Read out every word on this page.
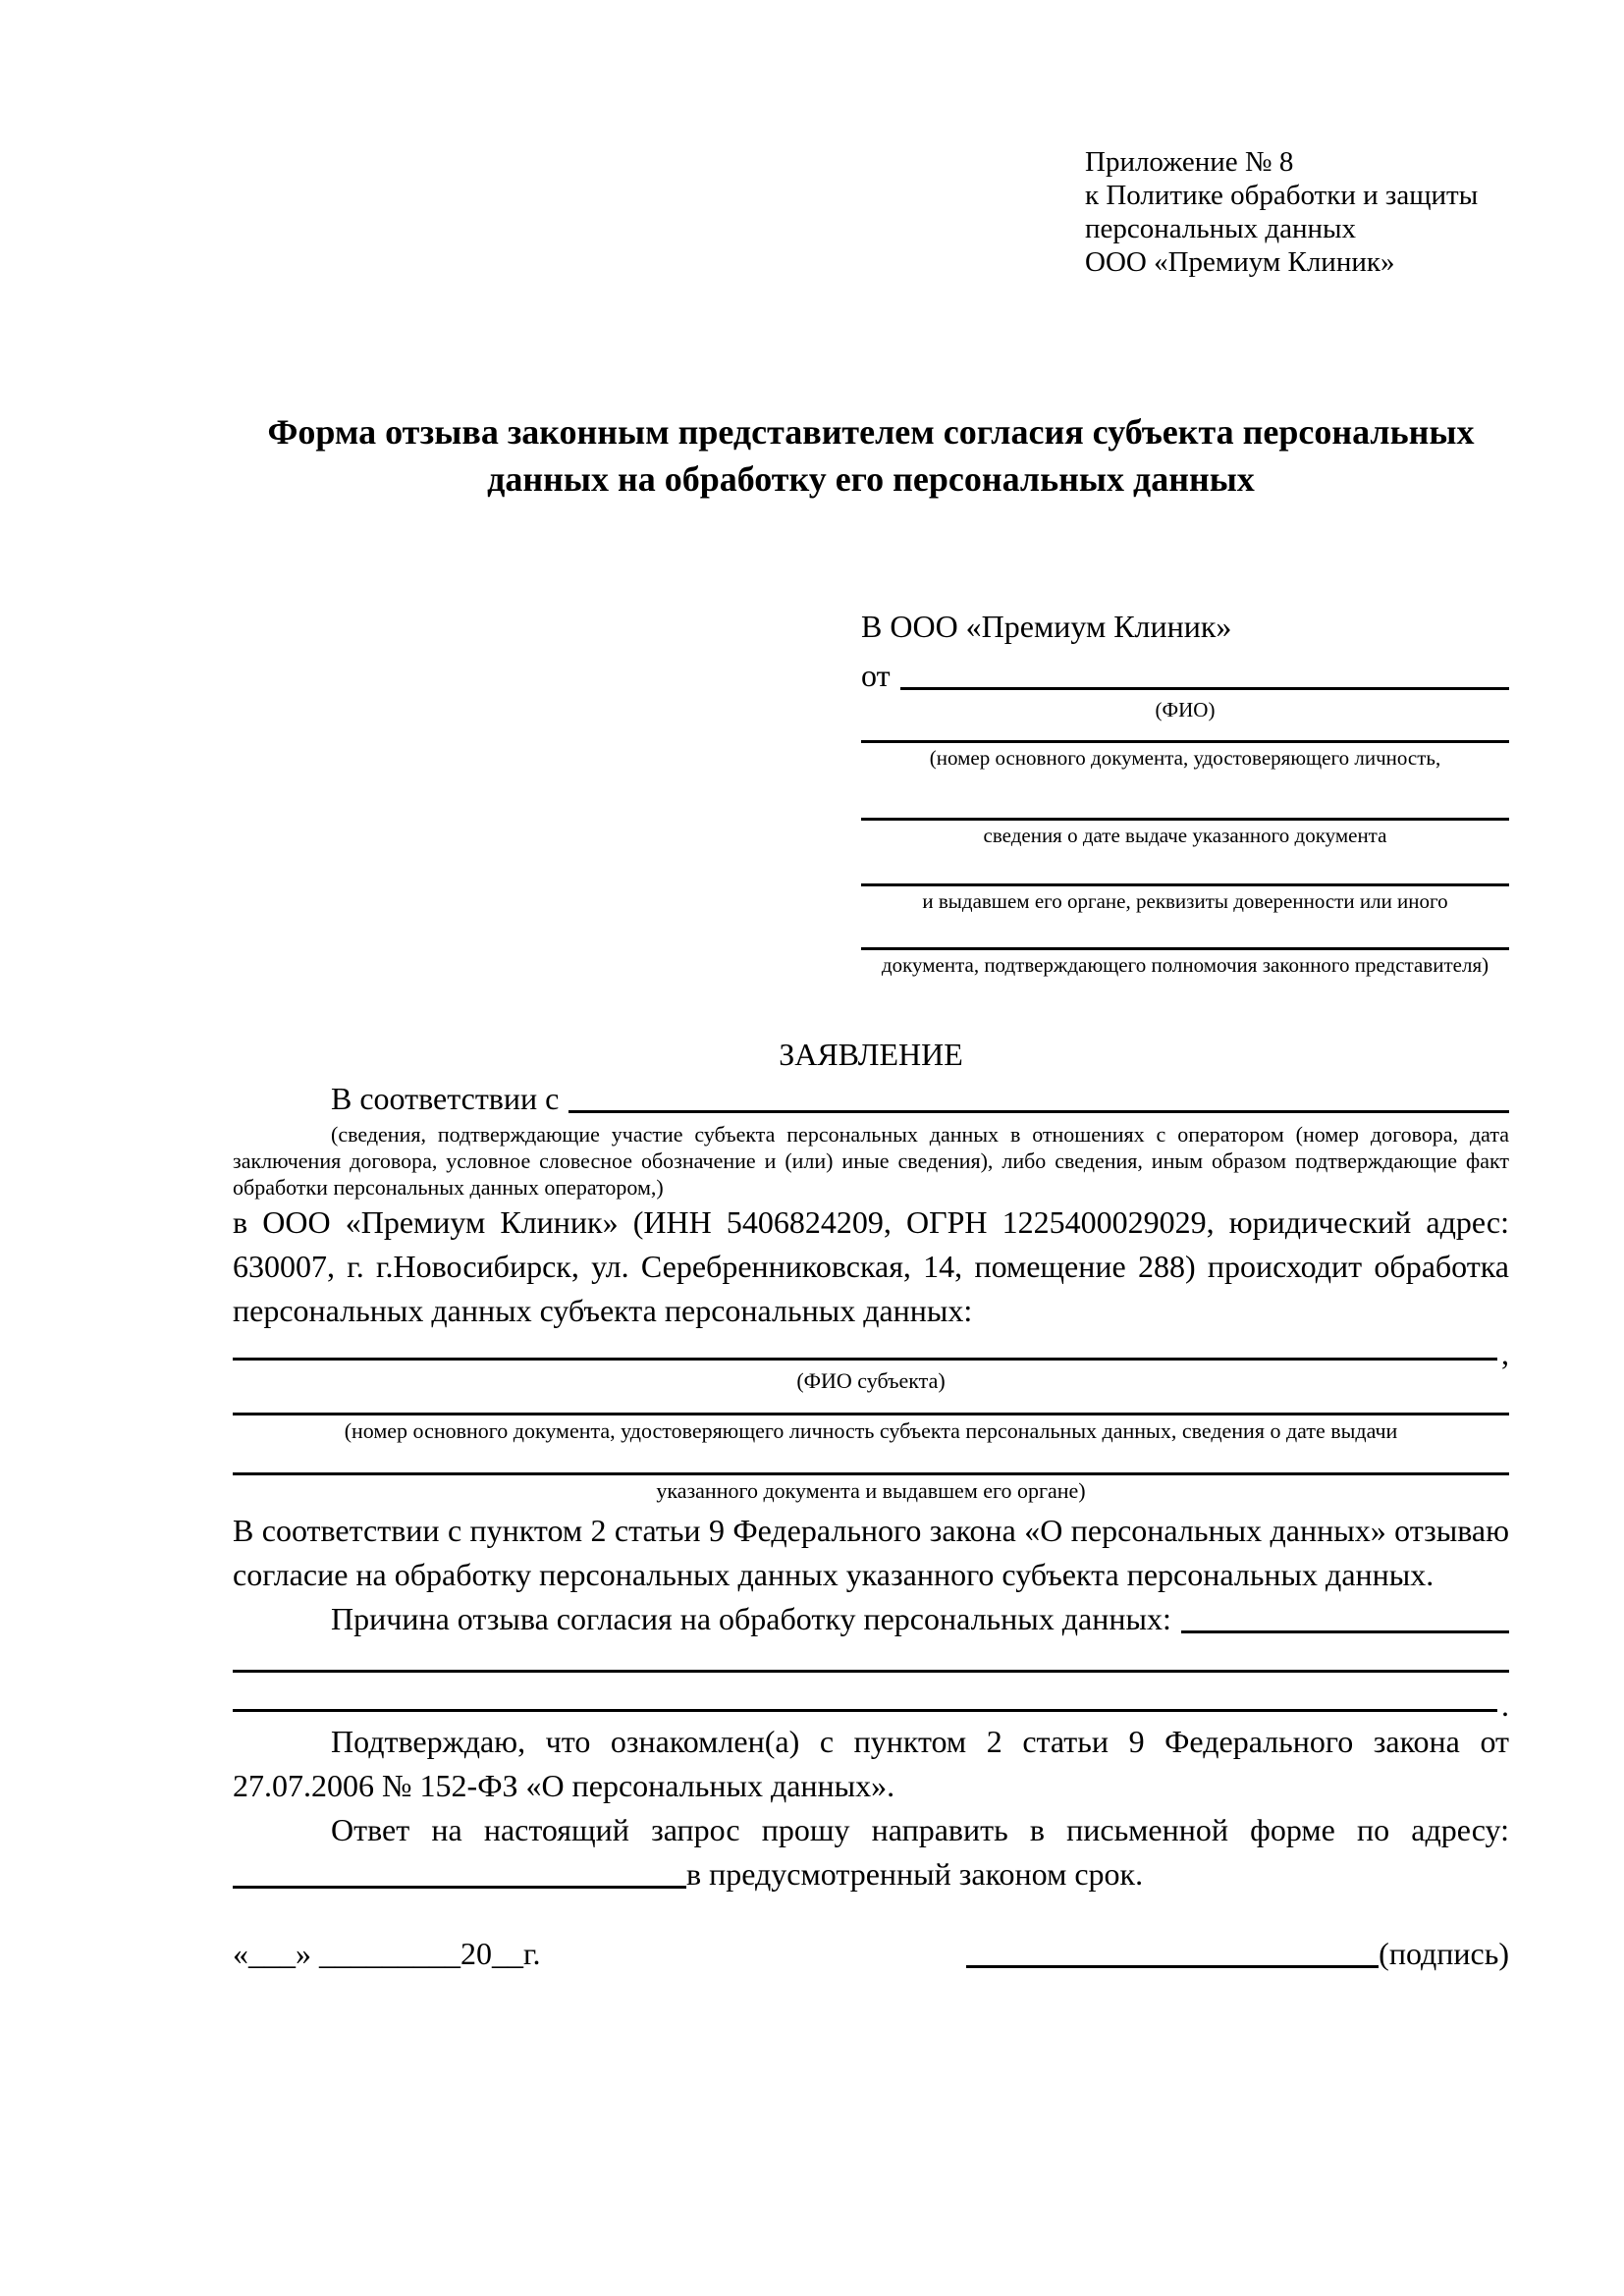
Приложение № 8
к Политике обработки и защиты
персональных данных
ООО «Премиум Клиник»
Форма отзыва законным представителем согласия субъекта персональных данных на обработку его персональных данных
В ООО «Премиум Клиник»
от
(ФИО)
(номер основного документа, удостоверяющего личность,
сведения о дате выдаче указанного документа
и выдавшем его органе, реквизиты доверенности или иного
документа, подтверждающего полномочия законного представителя)
ЗАЯВЛЕНИЕ
В соответствии с

(сведения, подтверждающие участие субъекта персональных данных в отношениях с оператором (номер договора, дата заключения договора, условное словесное обозначение и (или) иные сведения), либо сведения, иным образом подтверждающие факт обработки персональных данных оператором,)

в ООО «Премиум Клиник» (ИНН 5406824209, ОГРН 1225400029029, юридический адрес: 630007, г. г.Новосибирск, ул. Серебренниковская, 14, помещение 288) происходит обработка персональных данных субъекта персональных данных:

,
(ФИО субъекта)
(номер основного документа, удостоверяющего личность субъекта персональных данных, сведения о дате выдачи
указанного документа и выдавшем его органе)

В соответствии с пунктом 2 статьи 9 Федерального закона «О персональных данных» отзываю согласие на обработку персональных данных указанного субъекта персональных данных.

Причина отзыва согласия на обработку персональных данных:
.

Подтверждаю, что ознакомлен(а) с пунктом 2 статьи 9 Федерального закона от 27.07.2006 № 152-ФЗ «О персональных данных».

Ответ на настоящий запрос прошу направить в письменной форме по адресу:

в предусмотренный законом срок.
«___» _________20__г.	(подпись)
